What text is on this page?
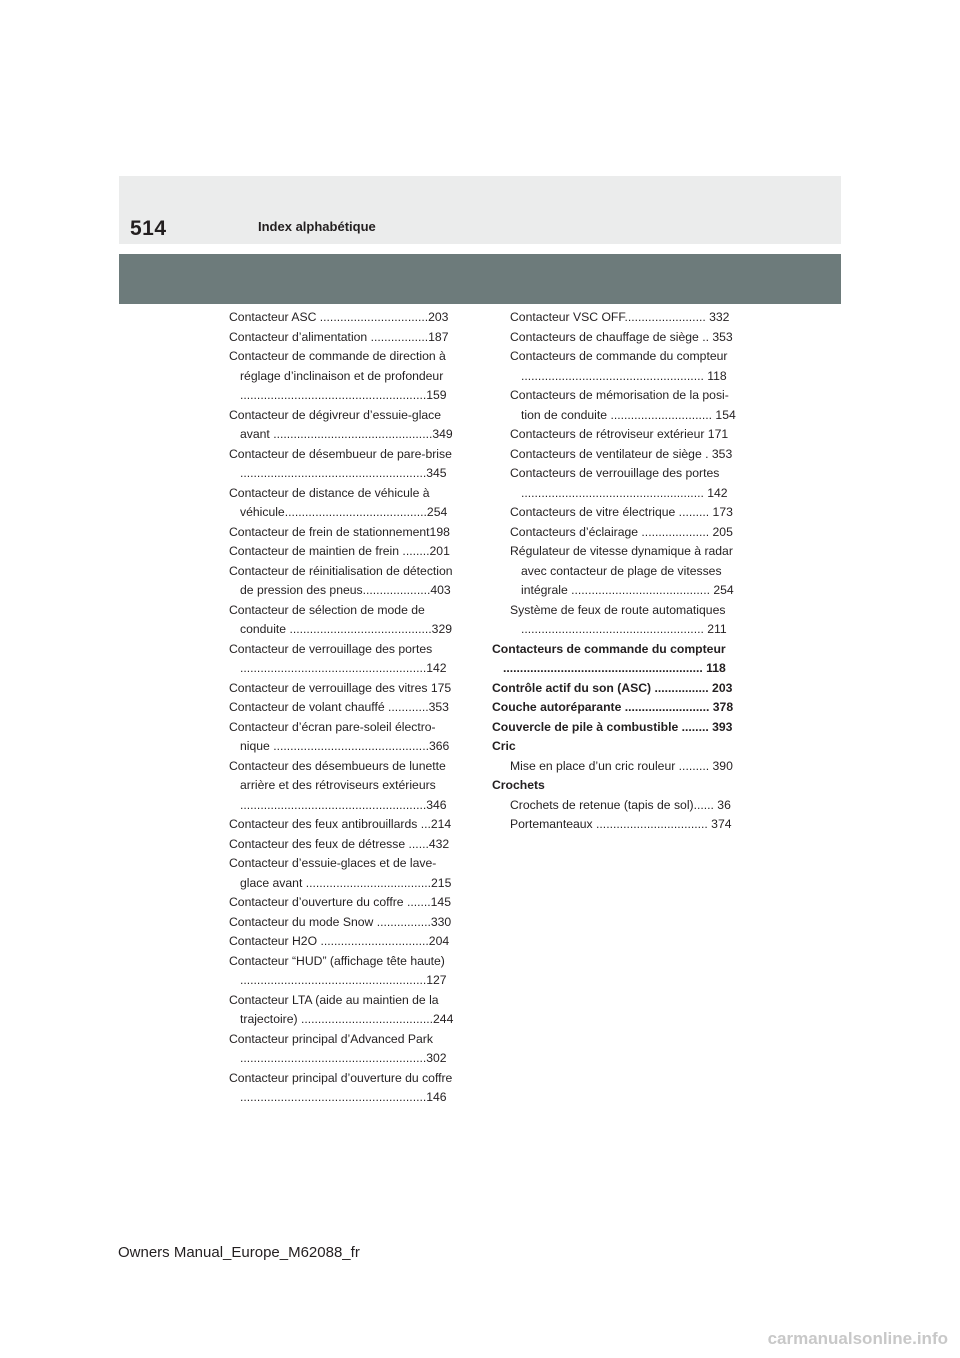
514	Index alphabétique
Contacteur ASC ................................203
Contacteur d’alimentation .................187
Contacteur de commande de direction à
réglage d’inclinaison et de profondeur
.......................................................159
Contacteur de dégivreur d’essuie-glace
avant ...............................................349
Contacteur de désembueur de pare-brise
.......................................................345
Contacteur de distance de véhicule à
véhicule..........................................254
Contacteur de frein de stationnement198
Contacteur de maintien de frein ........201
Contacteur de réinitialisation de détection
de pression des pneus....................403
Contacteur de sélection de mode de
conduite ..........................................329
Contacteur de verrouillage des portes
.......................................................142
Contacteur de verrouillage des vitres 175
Contacteur de volant chauffé ............353
Contacteur d’écran pare-soleil électro-
nique ..............................................366
Contacteur des désembueurs de lunette
arrière et des rétroviseurs extérieurs
.......................................................346
Contacteur des feux antibrouillards ...214
Contacteur des feux de détresse ......432
Contacteur d’essuie-glaces et de lave-
glace avant .....................................215
Contacteur d’ouverture du coffre .......145
Contacteur du mode Snow ................330
Contacteur H2O ................................204
Contacteur “HUD” (affichage tête haute)
.......................................................127
Contacteur LTA (aide au maintien de la
trajectoire) .......................................244
Contacteur principal d’Advanced Park
.......................................................302
Contacteur principal d’ouverture du coffre
.......................................................146
Contacteur VSC OFF........................ 332
Contacteurs de chauffage de siège .. 353
Contacteurs de commande du compteur
...................................................... 118
Contacteurs de mémorisation de la posi-
tion de conduite .............................. 154
Contacteurs de rétroviseur extérieur 171
Contacteurs de ventilateur de siège . 353
Contacteurs de verrouillage des portes
...................................................... 142
Contacteurs de vitre électrique ......... 173
Contacteurs d’éclairage .................... 205
Régulateur de vitesse dynamique à radar
avec contacteur de plage de vitesses
intégrale ......................................... 254
Système de feux de route automatiques
...................................................... 211
Contacteurs de commande du compteur
........................................................... 118
Contrôle actif du son (ASC) ................ 203
Couche autoréparante ......................... 378
Couvercle de pile à combustible ........ 393
Cric
Mise en place d’un cric rouleur ......... 390
Crochets
Crochets de retenue (tapis de sol)...... 36
Portemanteaux ................................. 374
Owners Manual_Europe_M62088_fr
carmanualsonline.info
